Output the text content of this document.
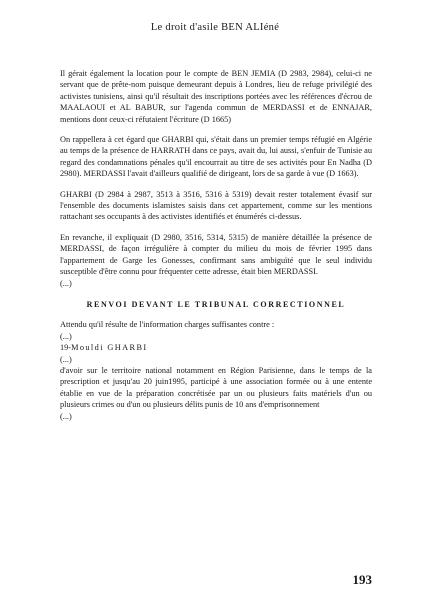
Le droit d'asile BEN ALIéné

Il gérait également la location pour le compte de BEN JEMIA (D 2983, 2984), celui-ci ne servant que de prête-nom puisque demeurant depuis à Londres, lieu de refuge privilégié des activistes tunisiens, ainsi qu'il résultait des inscriptions portées avec les références d'écrou de MAALAOUI et AL BABUR, sur l'agenda commun de MERDASSI et de ENNAJAR, mentions dont ceux-ci réfutaient l'écriture (D 1665)

On rappellera à cet égard que GHARBI qui, s'était dans un premier temps réfugié en Algérie au temps de la présence de HARRATH dans ce pays, avait du, lui aussi, s'enfuir de Tunisie au regard des condamnations pénales qu'il encourrait au titre de ses activités pour En Nadha (D 2980). MERDASSI l'avait d'ailleurs qualifié de dirigeant, lors de sa garde à vue (D 1663).

GHARBI (D 2984 à 2987, 3513 à 3516, 5316 à 5319) devait rester totalement évasif sur l'ensemble des documents islamistes saisis dans cet appartement, comme sur les mentions rattachant ses occupants à des activistes identifiés et énumérés ci-dessus.

En revanche, il expliquait (D 2980, 3516, 5314, 5315) de manière détaillée la présence de MERDASSI, de façon irrégulière à compter du milieu du mois de février 1995 dans l'appartement de Garge les Gonesses, confirmant sans ambiguïté que le seul individu susceptible d'être connu pour fréquenter cette adresse, était bien MERDASSI.

(...)

RENVOI DEVANT LE TRIBUNAL CORRECTIONNEL

Attendu qu'il résulte de l'information charges suffisantes contre :

(...)

19-Mouldi GHARBI

(...)

d'avoir sur le territoire national notamment en Région Parisienne, dans le temps de la prescription et jusqu'au 20 juin1995, participé à une association formée ou à une entente établie en vue de la préparation concrétisée par un ou plusieurs faits matériels d'un ou plusieurs crimes ou d'un ou plusieurs délits punis de 10 ans d'emprisonnement

(...)

193
